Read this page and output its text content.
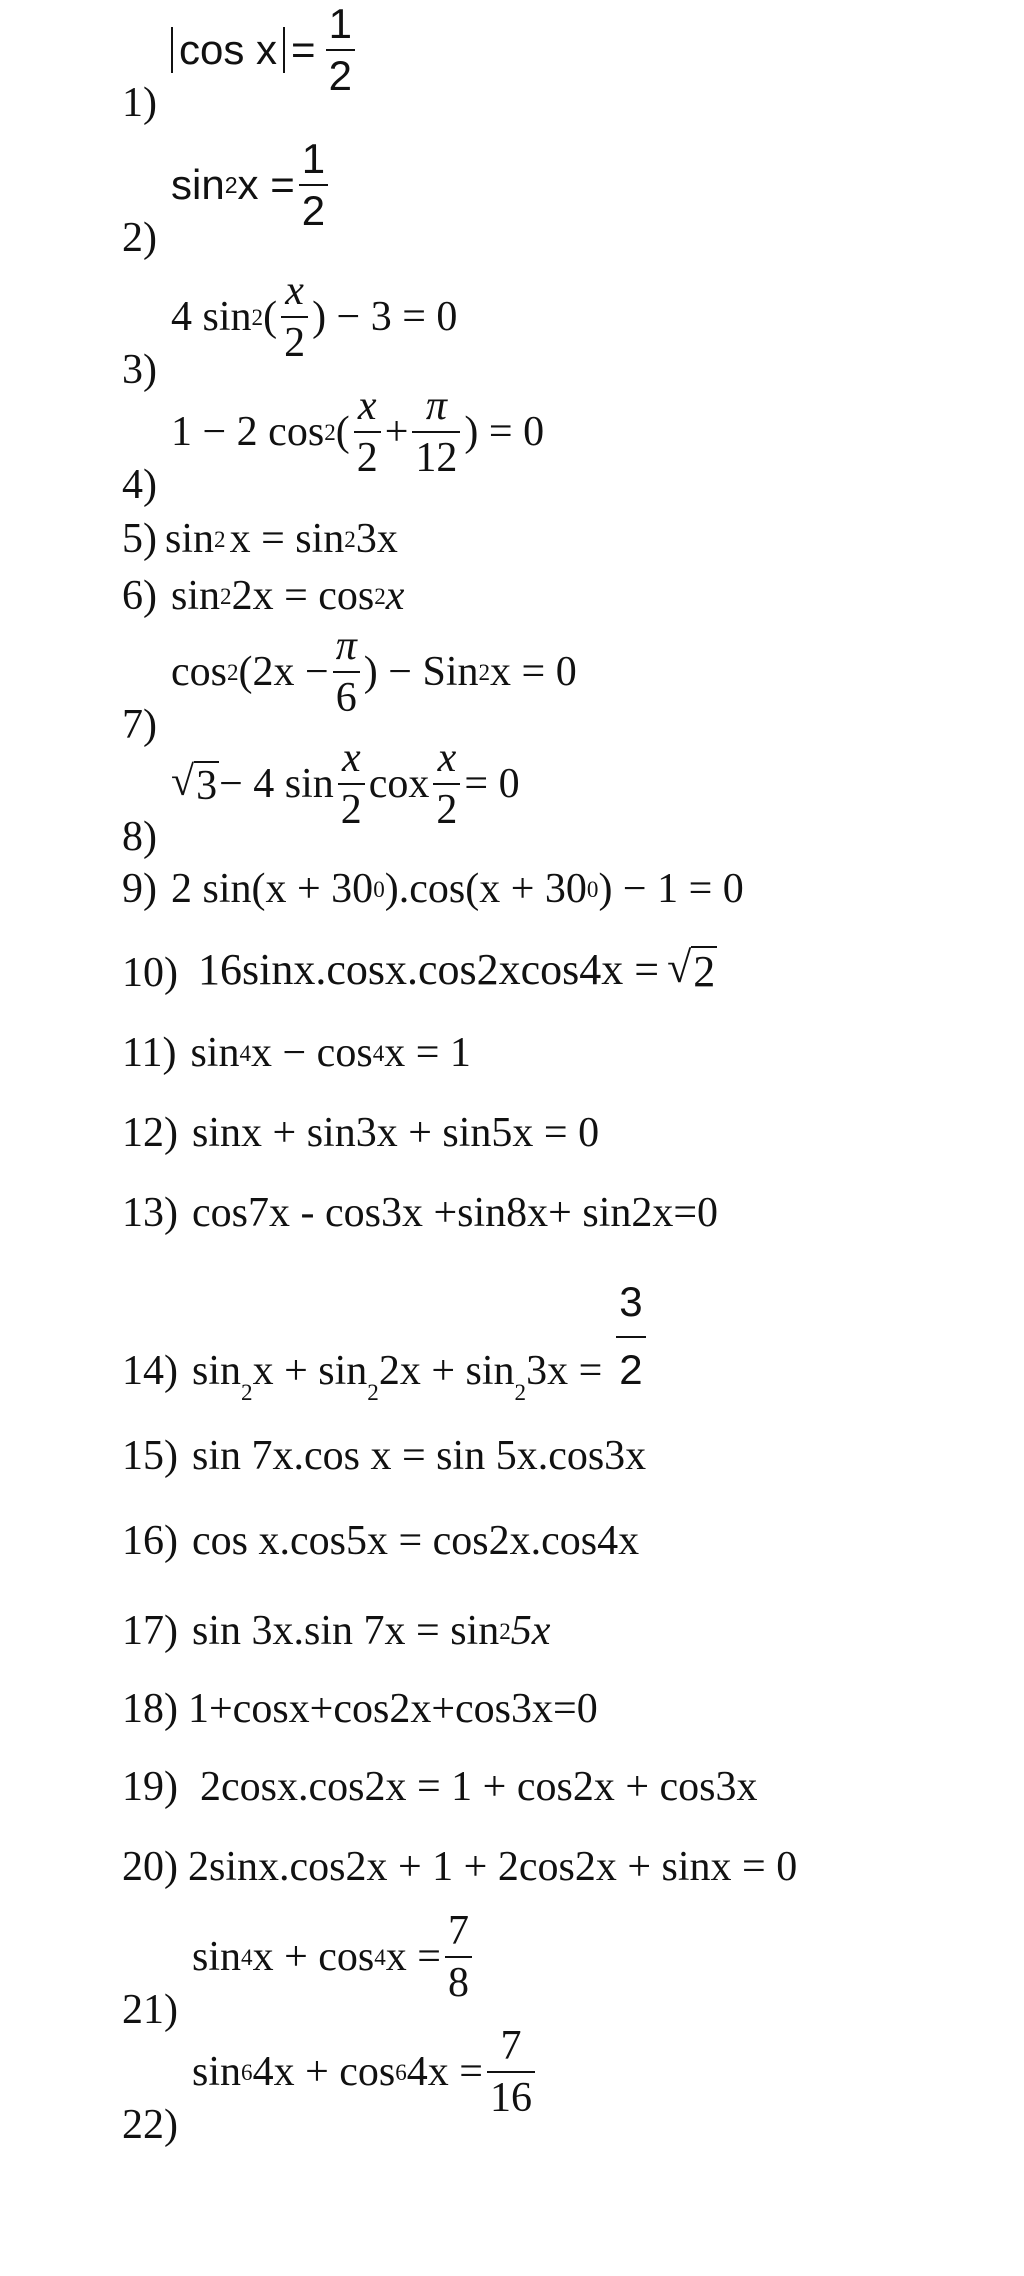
1)
$\cos x = \frac{1}{2}$
2)
sin 2 $x = \frac{1}{2}$
3)
4 sin 2 ( $\frac{x}{2}$ ) − 3 = 0
4)
1 − 2 cos 2 ( $\frac{x}{2} + \frac{\pi}{12}$ ) = 0
5) sin 2 x = sin 2 3x
6) sin 2 2x = cos 2 x
7)
cos 2 ($2x - \frac{\pi}{6}$ ) − Sin 2 x = 0
8)
√ 3 − 4 $\sin \frac{x}{2}$ cox $\frac{x}{2} = 0$
9) 2 sin(x + 30 0 ).cos(x + 30 0 ) − 1 = 0
10) 16sinx.cosx.cos2xcos4x = √ 2
11) sin 4 x − cos 4 x = 1
12) sinx + sin3x + sin5x = 0
13) cos7x - cos3x +sin8x+ sin2x=0
14) sin 2 x + sin 2 2x + sin 2 $3x = \frac{3}{2}$
15) sin 7x.cos x = sin 5x.cos3x
16) cos x.cos5x = cos2x.cos4x
17) sin 3x.sin 7x = sin 2 5x
18) 1+cosx+cos2x+cos3x=0
19) 2cosx.cos2x = 1 + cos2x + cos3x
20) 2sinx.cos2x + 1 + 2cos2x + sinx = 0
21)
sin 4 x + cos 4 $x = \frac{7}{8}$
22)
sin 6 4x + cos 6 $4x = \frac{7}{16}$
